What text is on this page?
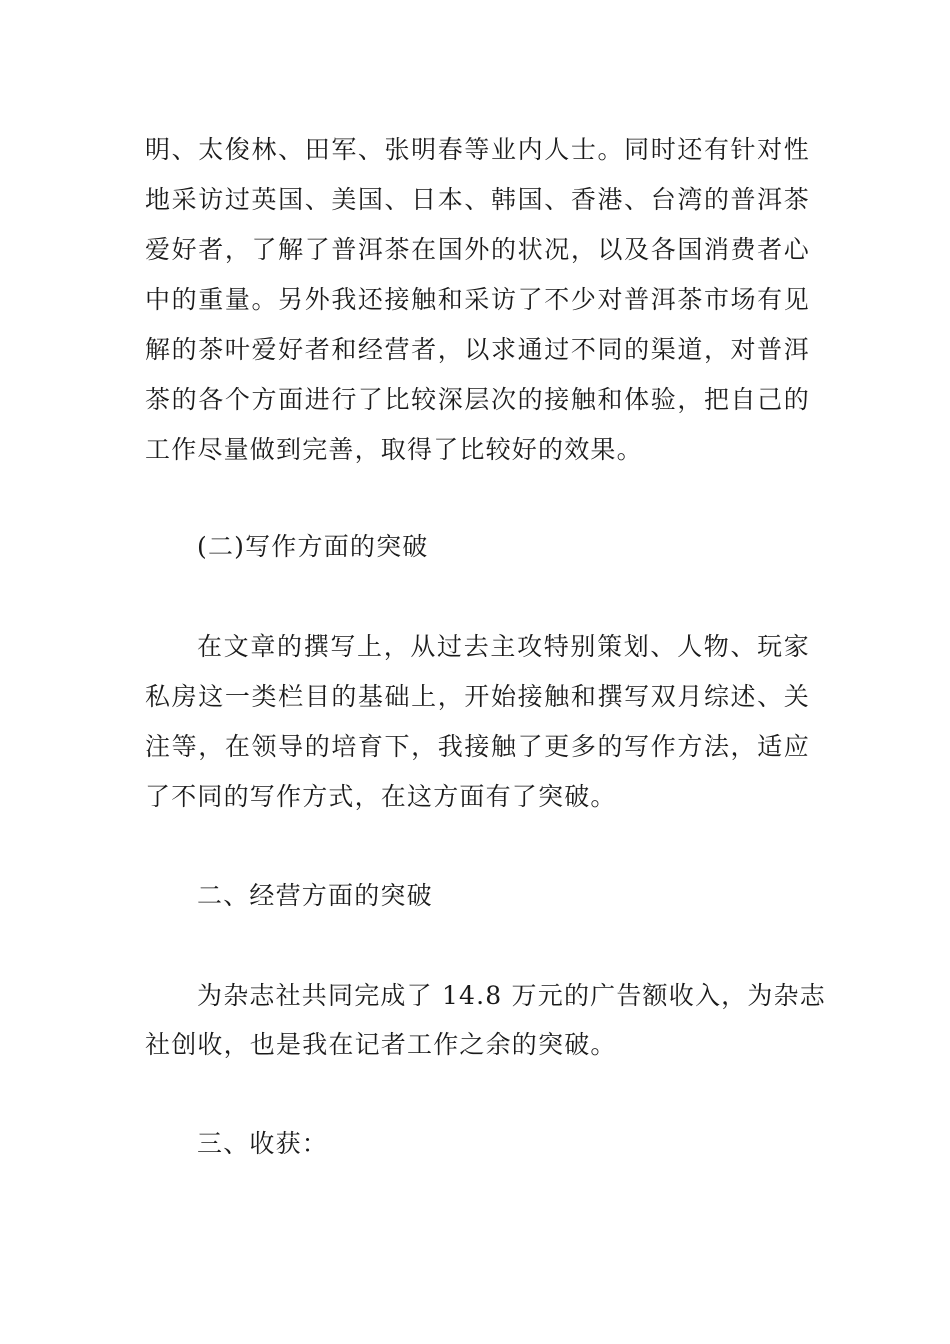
明、太俊林、田军、张明春等业内人士。同时还有针对性
地采访过英国、美国、日本、韩国、香港、台湾的普洱茶
爱好者，了解了普洱茶在国外的状况，以及各国消费者心
中的重量。另外我还接触和采访了不少对普洱茶市场有见
解的茶叶爱好者和经营者，以求通过不同的渠道，对普洱
茶的各个方面进行了比较深层次的接触和体验，把自己的
工作尽量做到完善，取得了比较好的效果。
(二)写作方面的突破
在文章的撰写上，从过去主攻特别策划、人物、玩家
私房这一类栏目的基础上，开始接触和撰写双月综述、关
注等，在领导的培育下，我接触了更多的写作方法，适应
了不同的写作方式，在这方面有了突破。
二、经营方面的突破
为杂志社共同完成了 14.8 万元的广告额收入，为杂志
社创收，也是我在记者工作之余的突破。
三、收获：
